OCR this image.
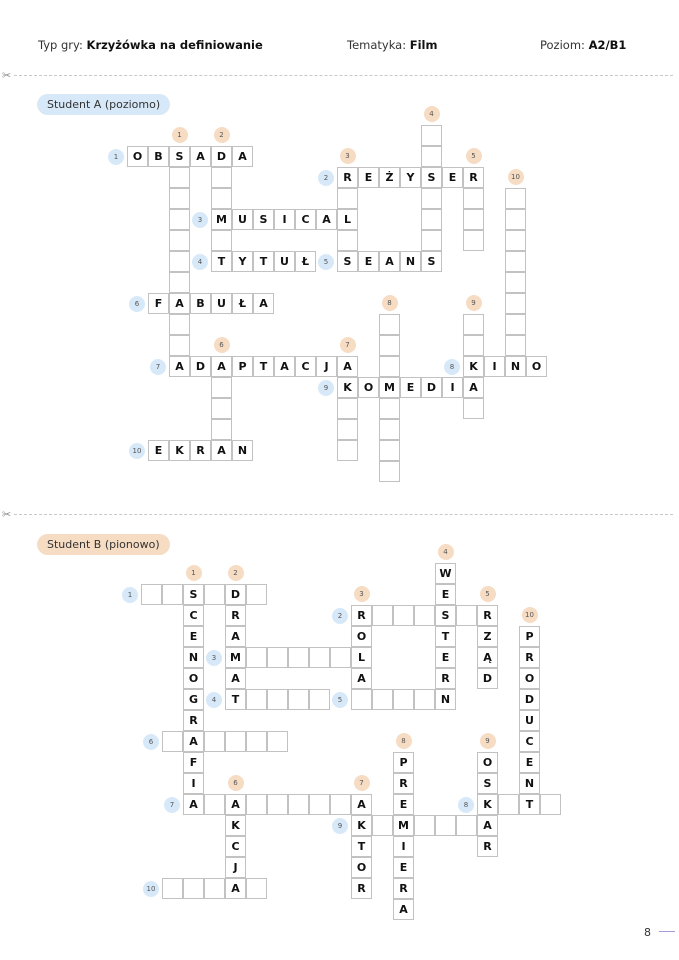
Typ gry: Krzyżówka na definiowanie	Tematyka: Film	Poziom: A2/B1
✂
✂
Student A (poziomo)
Student B (pionowo)
O	B	S	A	D	A
R	E	Ż	Y	S	E	R
M	U	S	I	C	A	L
T	Y	T	U	Ł	S	E	A	N	S
F	A	B	U	Ł	A
A	D	A	P	T	A	C	J	A	K	I	N	O
K	O M	E	D	I	A
E	K	R	A	N
1
2
3
4	5
6
7	8
9
10
1	2
3
4
5
6	7
8	9
10
S	D
R	S	R
M	L
T	N
A
A	A	A	K	T
K	M	A
A
C
E
N
O
G
R
F
I
R
A
A
O
A
W
E
T
E
R
Z
Ą
D
K
C
J
T
O
R
P
R
E
I
E
R
A
O
S
R
P
R
O
D
U
C
E
N
1
2
3
4	5
6
7	8
9
10
1	2
3
4
5
6	7
8	9
10
8
